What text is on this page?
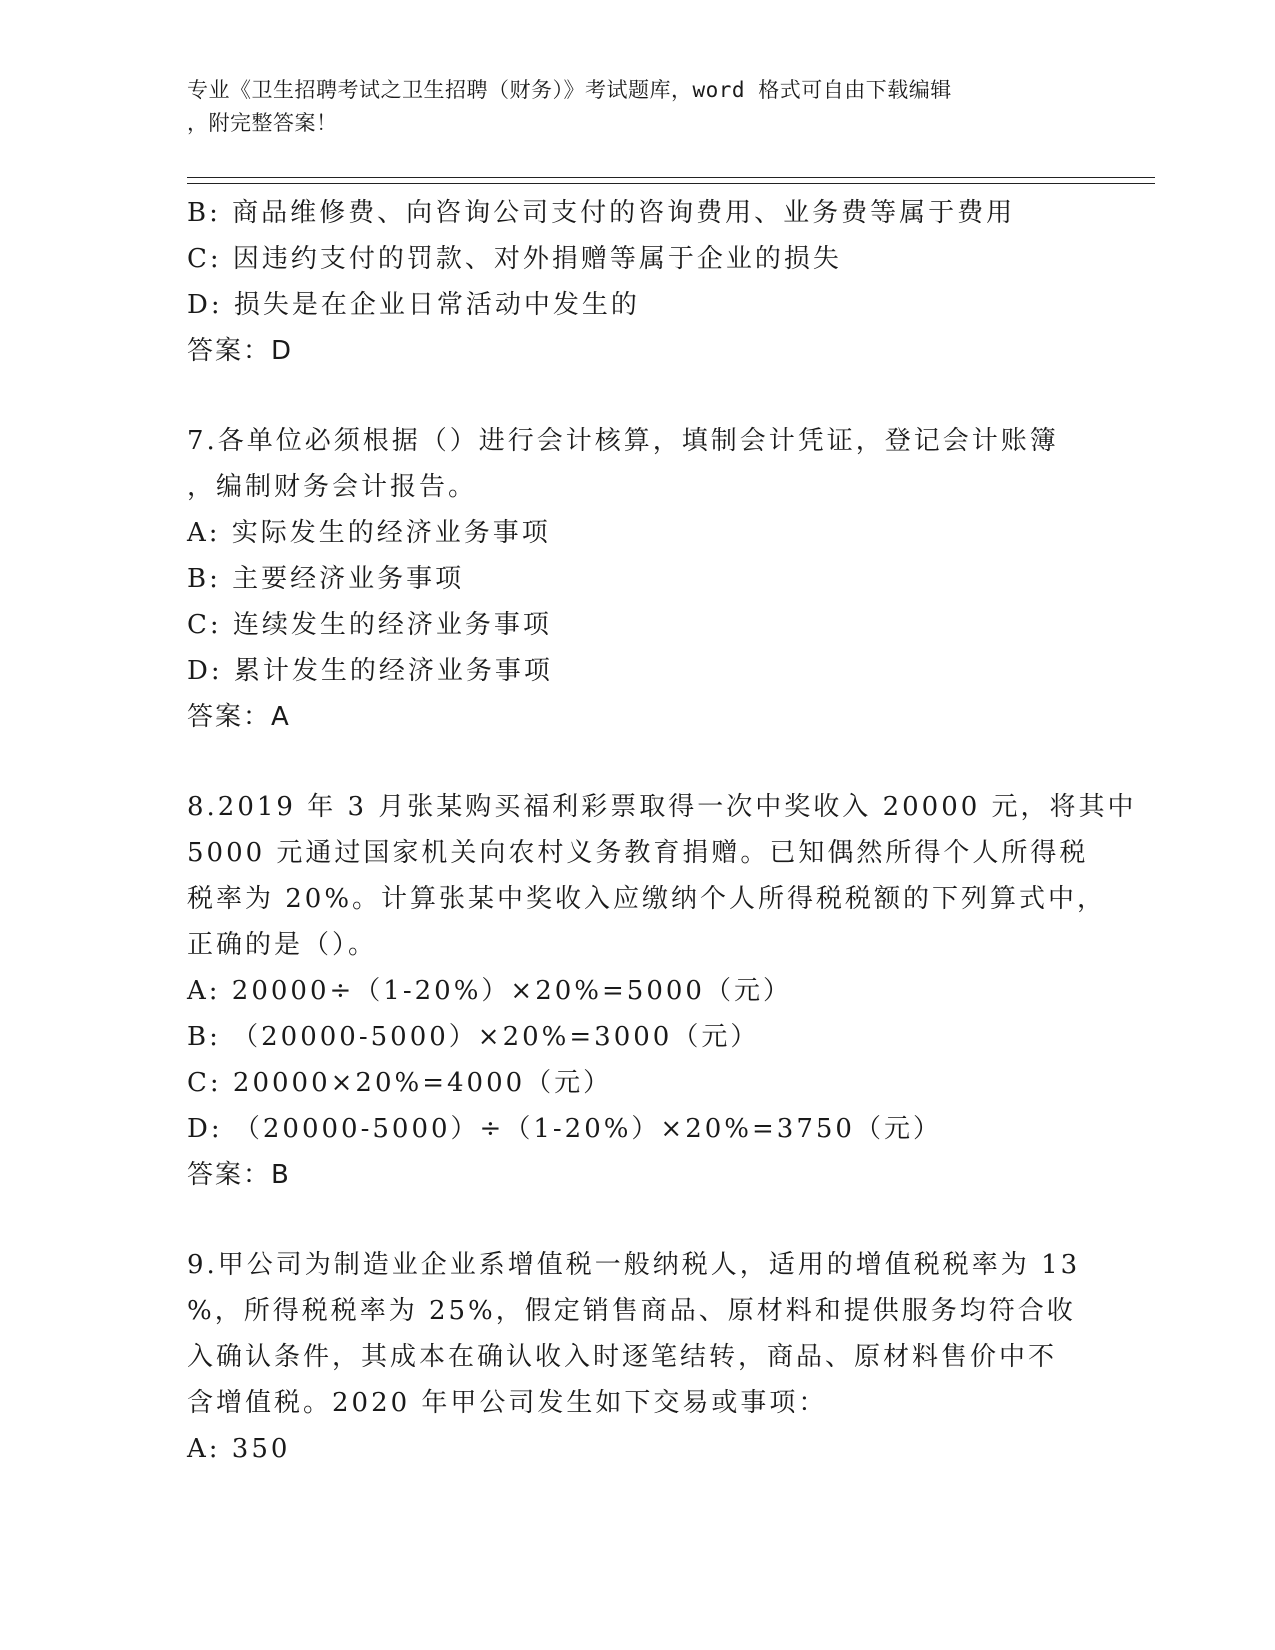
专业《卫生招聘考试之卫生招聘（财务）》考试题库，word 格式可自由下载编辑
，附完整答案！
B: 商品维修费、向咨询公司支付的咨询费用、业务费等属于费用
C: 因违约支付的罚款、对外捐赠等属于企业的损失
D: 损失是在企业日常活动中发生的
答案：D
7.各单位必须根据（）进行会计核算，填制会计凭证，登记会计账簿
，编制财务会计报告。
A: 实际发生的经济业务事项
B: 主要经济业务事项
C: 连续发生的经济业务事项
D: 累计发生的经济业务事项
答案：A
8.2019 年 3 月张某购买福利彩票取得一次中奖收入 20000 元，将其中
5000 元通过国家机关向农村义务教育捐赠。已知偶然所得个人所得税
税率为 20%。计算张某中奖收入应缴纳个人所得税税额的下列算式中，
正确的是（）。
A: 20000÷（1-20%）×20%=5000（元）
B: （20000-5000）×20%=3000（元）
C: 20000×20%=4000（元）
D: （20000-5000）÷（1-20%）×20%=3750（元）
答案：B
9.甲公司为制造业企业系增值税一般纳税人，适用的增值税税率为 13
%，所得税税率为 25%，假定销售商品、原材料和提供服务均符合收
入确认条件，其成本在确认收入时逐笔结转，商品、原材料售价中不
含增值税。2020 年甲公司发生如下交易或事项：
A: 350
